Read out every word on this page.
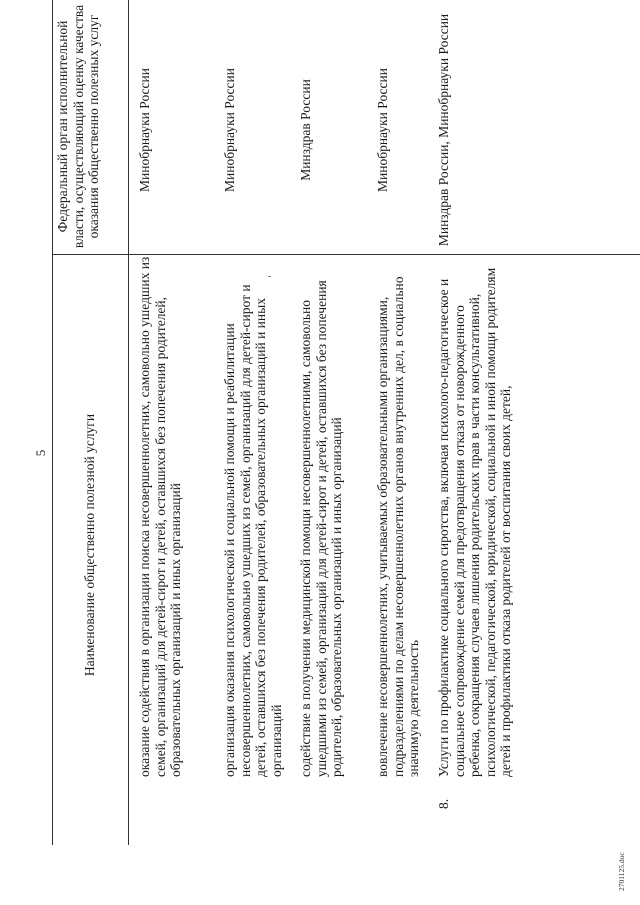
5
2701125.doc
Наименование общественно полезной услуги
Федеральный орган исполнительной власти, осуществляющий оценку качества оказания общественно полезных услуг
оказание содействия в организации поиска несовершеннолетних, самовольно ушедших из семей, организаций для детей-сирот и детей, оставшихся без попечения родителей, образовательных организаций и иных организаций
Минобрнауки России
организация оказания психологической и социальной помощи и реабилитации несовершеннолетних, самовольно ушедших из семей, организаций для детей-сирот и детей, оставшихся без попечения родителей, образовательных организаций и иных организаций
Минобрнауки России
содействие в получении медицинской помощи несовершеннолетними, самовольно ушедшими из семей, организаций для детей-сирот и детей, оставшихся без попечения родителей, образовательных организаций и иных организаций
Минздрав России
вовлечение несовершеннолетних, учитываемых образовательными организациями, подразделениями по делам несовершеннолетних органов внутренних дел, в социально значимую деятельность
Минобрнауки России
8.
Услуги по профилактике социального сиротства, включая психолого-педагогическое и социальное сопровождение семей для предотвращения отказа от новорожденного ребенка, сокращения случаев лишения родительских прав в части консультативной, психологической, педагогической, юридической, социальной и иной помощи родителям детей и профилактики отказа родителей от воспитания своих детей,
Минздрав России, Минобрнауки России
